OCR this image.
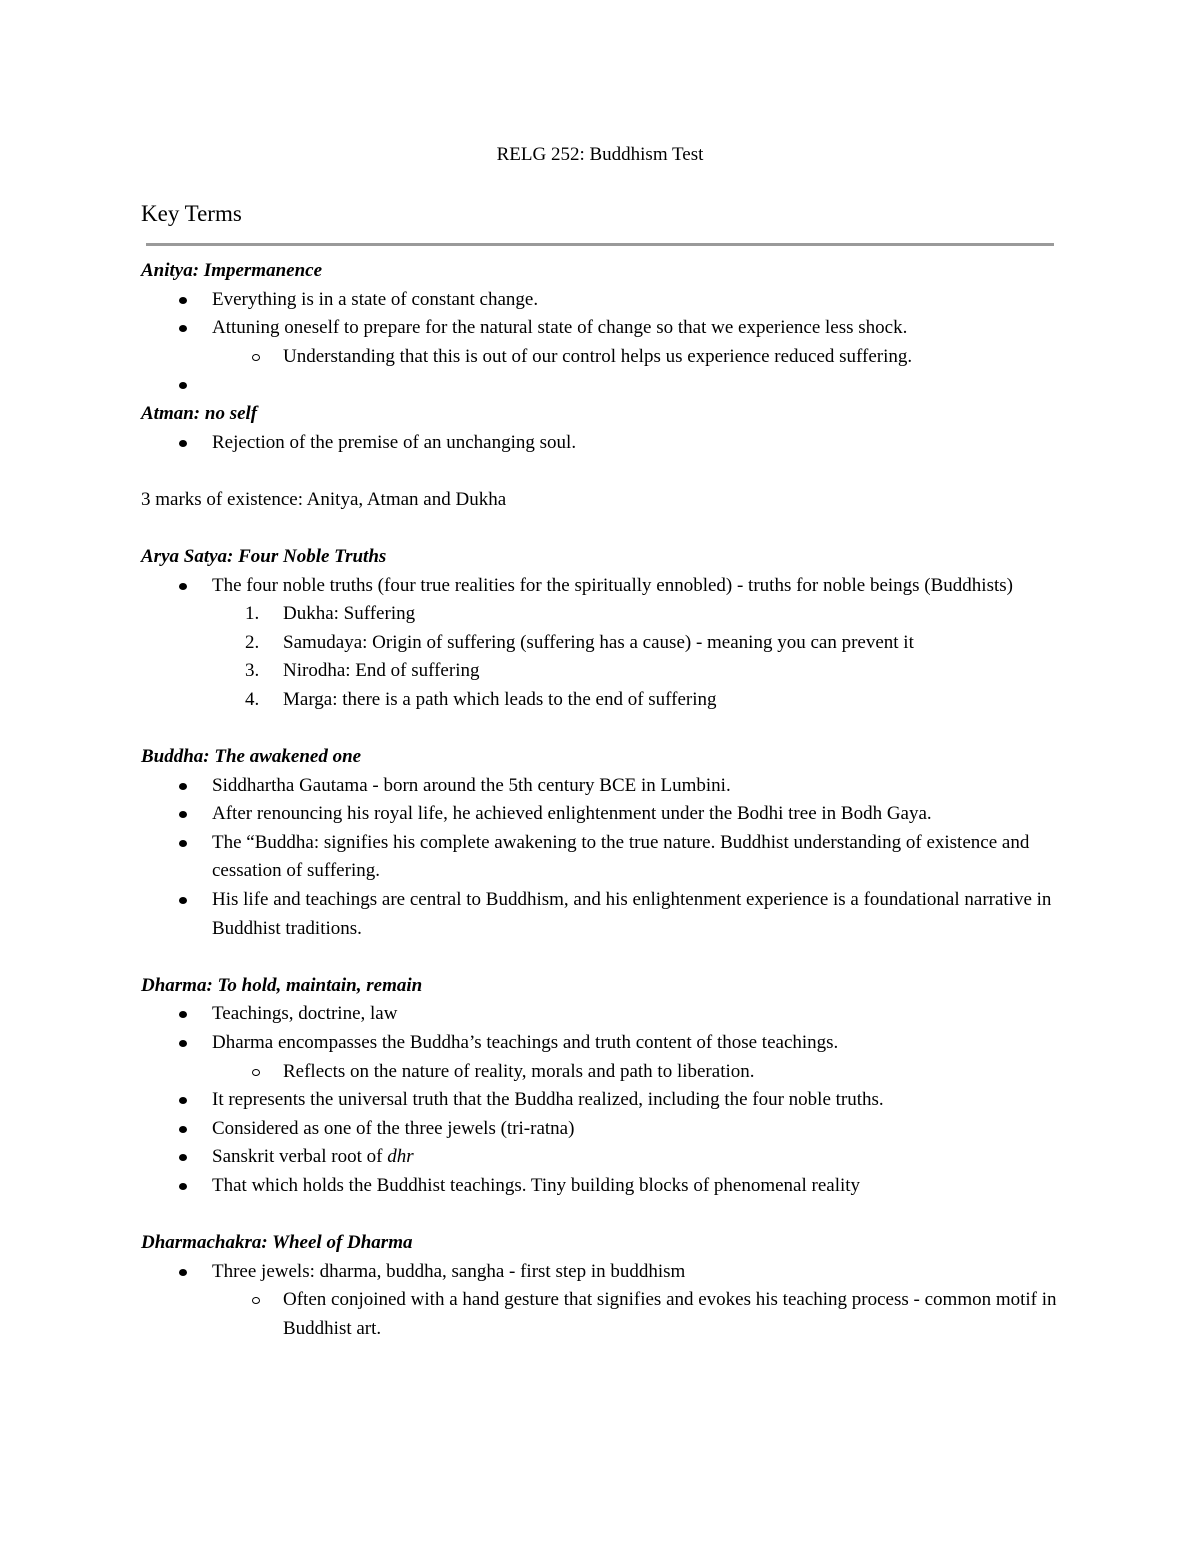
RELG 252: Buddhism Test
Key Terms

Anitya: Impermanence

Everything is in a state of constant change.
Attuning oneself to prepare for the natural state of change so that we experience less shock.
Understanding that this is out of our control helps us experience reduced suffering.

Atman: no self

Rejection of the premise of an unchanging soul.

3 marks of existence: Anitya, Atman and Dukha

Arya Satya: Four Noble Truths

The four noble truths (four true realities for the spiritually ennobled) - truths for noble beings (Buddhists)
1. Dukha: Suffering
2. Samudaya: Origin of suffering (suffering has a cause) - meaning you can prevent it
3. Nirodha: End of suffering
4. Marga: there is a path which leads to the end of suffering

Buddha: The awakened one

Siddhartha Gautama - born around the 5th century BCE in Lumbini.
After renouncing his royal life, he achieved enlightenment under the Bodhi tree in Bodh Gaya.
The “Buddha: signifies his complete awakening to the true nature. Buddhist understanding of existence and cessation of suffering.
His life and teachings are central to Buddhism, and his enlightenment experience is a foundational narrative in Buddhist traditions.

Dharma: To hold, maintain, remain

Teachings, doctrine, law
Dharma encompasses the Buddha’s teachings and truth content of those teachings.
Reflects on the nature of reality, morals and path to liberation.
It represents the universal truth that the Buddha realized, including the four noble truths.
Considered as one of the three jewels (tri-ratna)
Sanskrit verbal root of dhr
That which holds the Buddhist teachings. Tiny building blocks of phenomenal reality

Dharmachakra: Wheel of Dharma

Three jewels: dharma, buddha, sangha - first step in buddhism
Often conjoined with a hand gesture that signifies and evokes his teaching process - common motif in Buddhist art.
